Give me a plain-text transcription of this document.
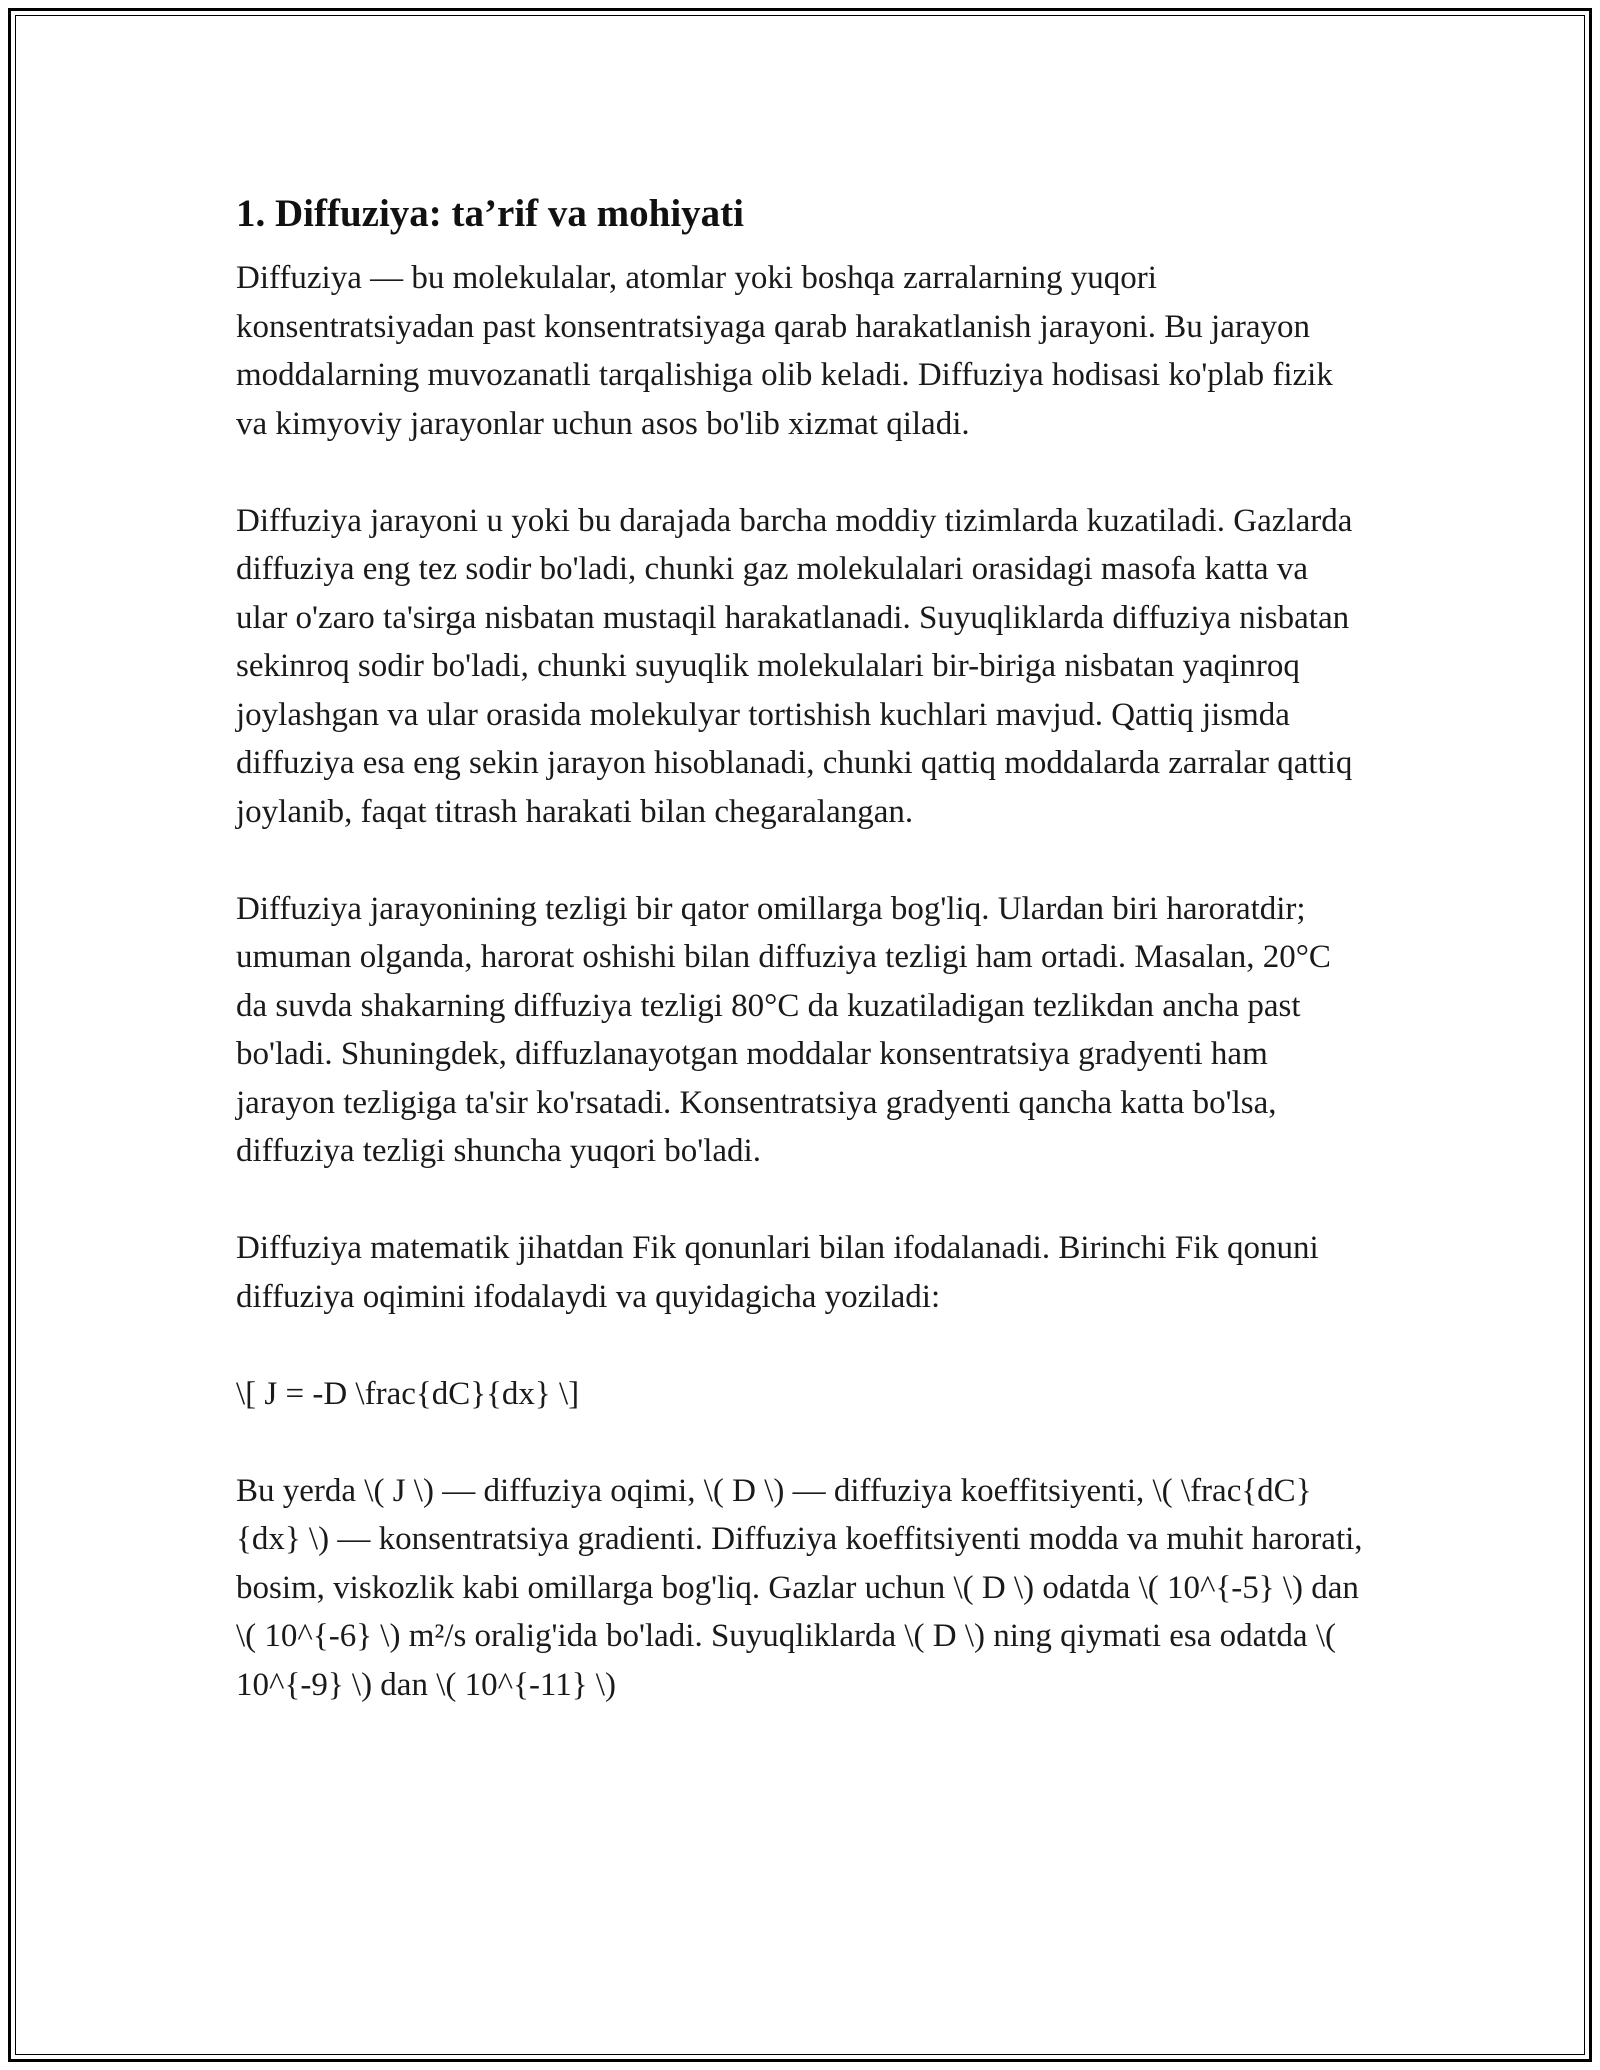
1. Diffuziya: ta’rif va mohiyati

Diffuziya — bu molekulalar, atomlar yoki boshqa zarralarning yuqori konsentratsiyadan past konsentratsiyaga qarab harakatlanish jarayoni. Bu jarayon moddalarning muvozanatli tarqalishiga olib keladi. Diffuziya hodisasi ko'plab fizik va kimyoviy jarayonlar uchun asos bo'lib xizmat qiladi.

Diffuziya jarayoni u yoki bu darajada barcha moddiy tizimlarda kuzatiladi. Gazlarda diffuziya eng tez sodir bo'ladi, chunki gaz molekulalari orasidagi masofa katta va ular o'zaro ta'sirga nisbatan mustaqil harakatlanadi. Suyuqliklarda diffuziya nisbatan sekinroq sodir bo'ladi, chunki suyuqlik molekulalari bir-biriga nisbatan yaqinroq joylashgan va ular orasida molekulyar tortishish kuchlari mavjud. Qattiq jismda diffuziya esa eng sekin jarayon hisoblanadi, chunki qattiq moddalarda zarralar qattiq joylanib, faqat titrash harakati bilan chegaralangan.

Diffuziya jarayonining tezligi bir qator omillarga bog'liq. Ulardan biri haroratdir; umuman olganda, harorat oshishi bilan diffuziya tezligi ham ortadi. Masalan, 20°C da suvda shakarning diffuziya tezligi 80°C da kuzatiladigan tezlikdan ancha past bo'ladi. Shuningdek, diffuzlanayotgan moddalar konsentratsiya gradyenti ham jarayon tezligiga ta'sir ko'rsatadi. Konsentratsiya gradyenti qancha katta bo'lsa, diffuziya tezligi shuncha yuqori bo'ladi.

Diffuziya matematik jihatdan Fik qonunlari bilan ifodalanadi. Birinchi Fik qonuni diffuziya oqimini ifodalaydi va quyidagicha yoziladi:

\[ J = -D \frac{dC}{dx} \]

Bu yerda \( J \) — diffuziya oqimi, \( D \) — diffuziya koeffitsiyenti, \( \frac{dC}{dx} \) — konsentratsiya gradienti. Diffuziya koeffitsiyenti modda va muhit harorati, bosim, viskozlik kabi omillarga bog'liq. Gazlar uchun \( D \) odatda \( 10^{-5} \) dan \( 10^{-6} \) m²/s oralig'ida bo'ladi. Suyuqliklarda \( D \) ning qiymati esa odatda \( 10^{-9} \) dan \( 10^{-11} \)
